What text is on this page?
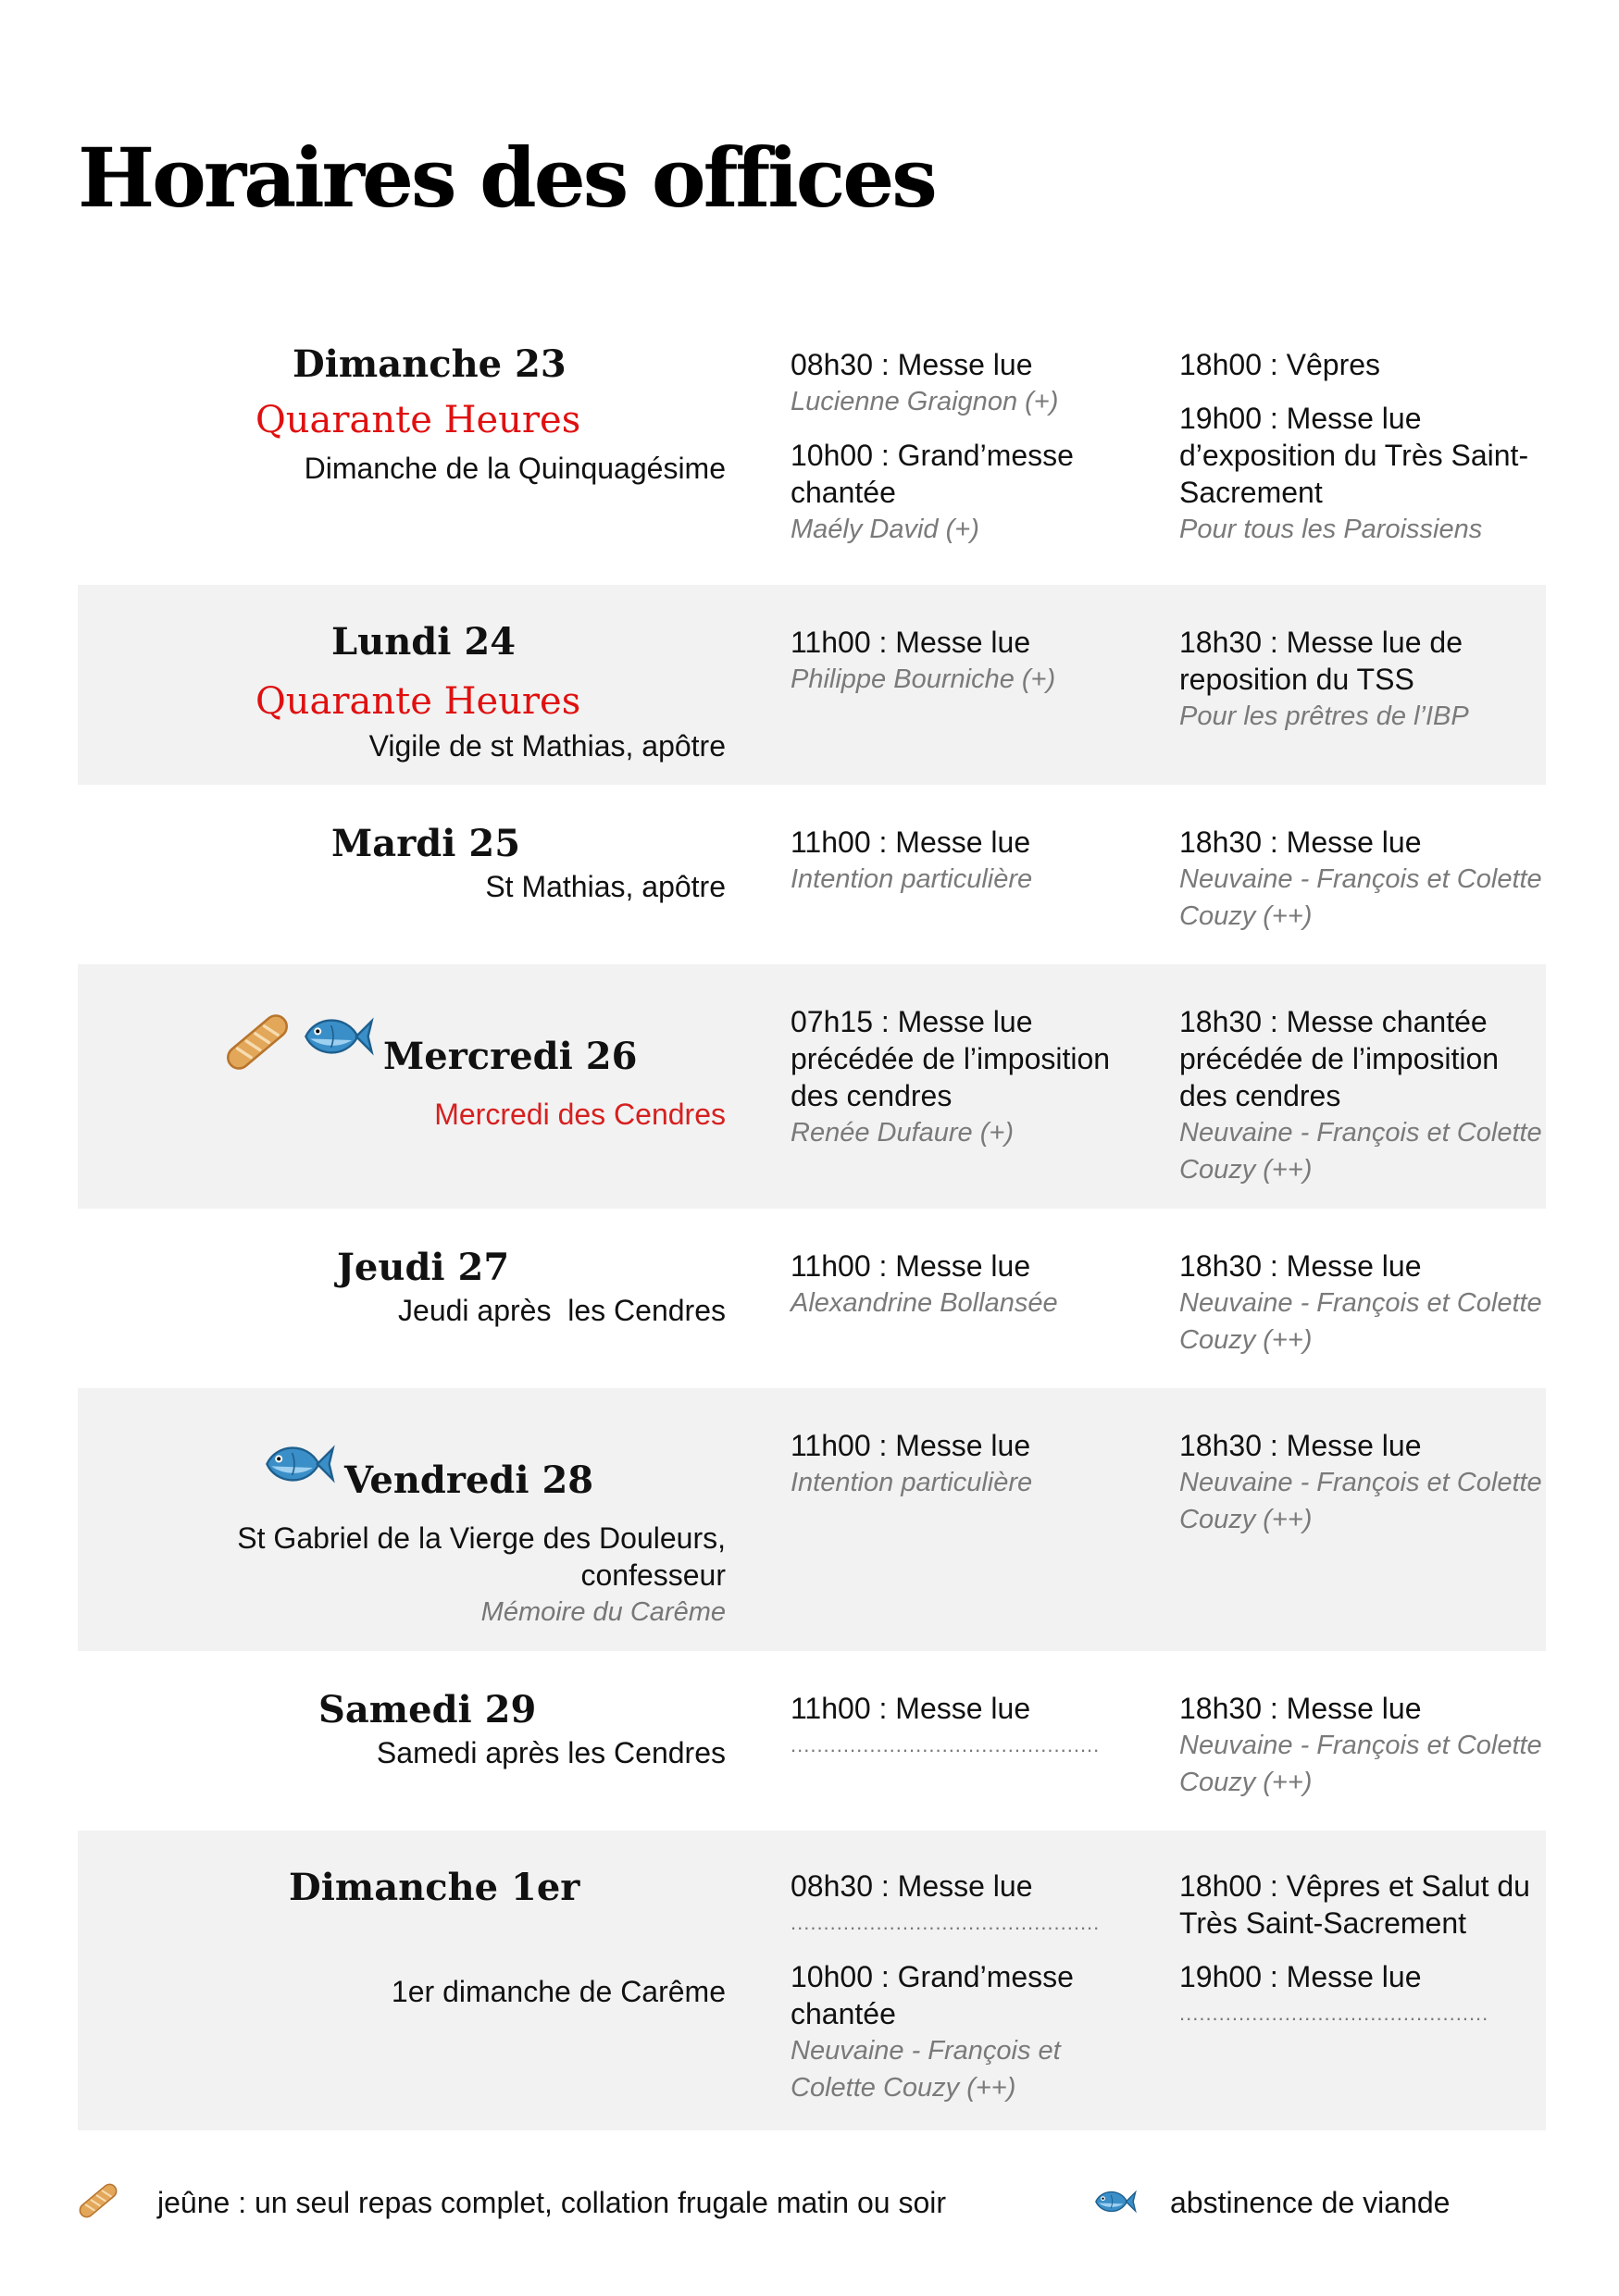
Horaires des offices
Dimanche 23
Quarante Heures
Dimanche de la Quinquagésime
08h30 : Messe lue
Lucienne Graignon (+)
10h00 : Grand’messe chantée
Maély David (+)
18h00 : Vêpres
19h00 : Messe lue d’exposition du Très Saint-Sacrement
Pour tous les Paroissiens
Lundi 24
Quarante Heures
Vigile de st Mathias, apôtre
11h00 : Messe lue
Philippe Bourniche (+)
18h30 : Messe lue de reposition du TSS
Pour les prêtres de l’IBP
Mardi 25
St Mathias, apôtre
11h00 : Messe lue
Intention particulière
18h30 : Messe lue
Neuvaine - François et Colette Couzy (++)
Mercredi 26
Mercredi des Cendres
07h15 : Messe lue précédée de l’imposition des cendres
Renée Dufaure (+)
18h30 : Messe chantée précédée de l’imposition des cendres
Neuvaine - François et Colette Couzy (++)
Jeudi 27
Jeudi après  les Cendres
11h00 : Messe lue
Alexandrine Bollansée
18h30 : Messe lue
Neuvaine - François et Colette Couzy (++)
Vendredi 28
St Gabriel de la Vierge des Douleurs, confesseur
Mémoire du Carême
11h00 : Messe lue
Intention particulière
18h30 : Messe lue
Neuvaine - François et Colette Couzy (++)
Samedi 29
Samedi après les Cendres
11h00 : Messe lue
...............................................
18h30 : Messe lue
Neuvaine - François et Colette Couzy (++)
Dimanche 1er
1er dimanche de Carême
08h30 : Messe lue
...............................................
10h00 : Grand’messe chantée
Neuvaine - François et Colette Couzy (++)
18h00 : Vêpres et Salut du Très Saint-Sacrement
19h00 : Messe lue
...............................................
jeûne : un seul repas complet, collation frugale matin ou soir	abstinence de viande
